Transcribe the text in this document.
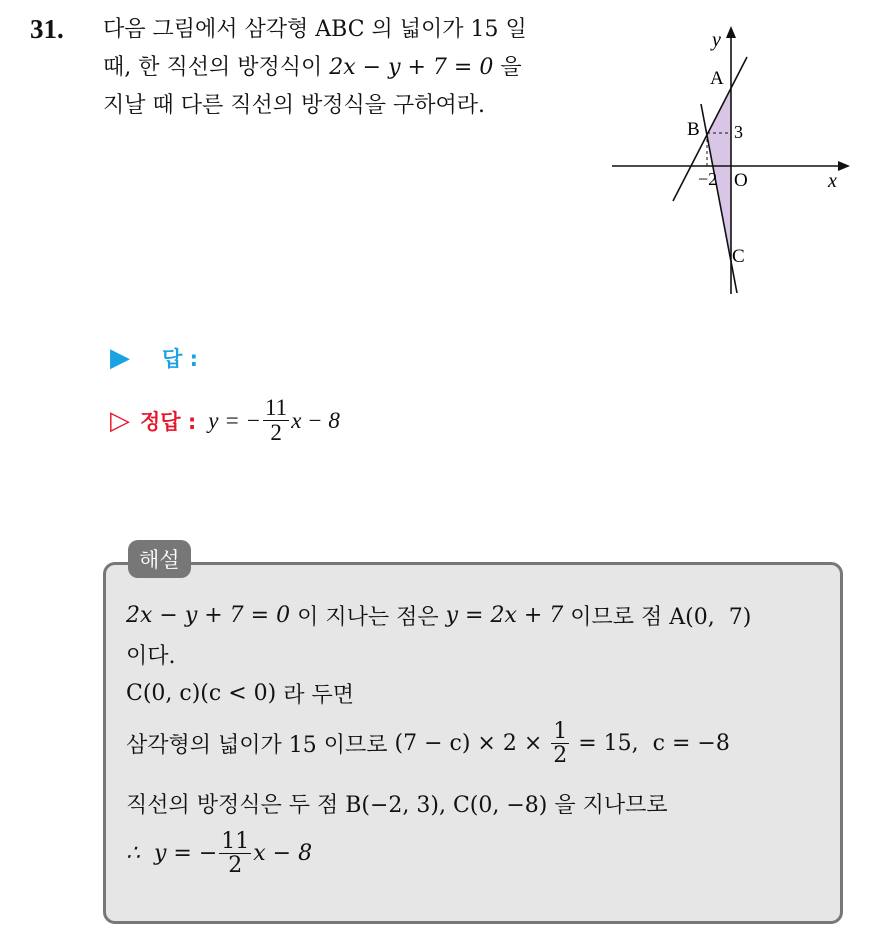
31. 다음 그림에서 삼각형 ABC 의 넓이가 15 일
때, 한 직선의 방정식이 2x − y + 7 = 0 을
지날 때 다른 직선의 방정식을 구하여라.
y
x
A
B
C
O
3
−2
▶ 답 :
▷ 정답 : y = − $\frac{11}{2}$ x − 8
해설
2x − y + 7 = 0 이 지나는 점은 y = 2x + 7 이므로 점 A(0,  7)
이다.
C(0, c)(c < 0) 라 두면
삼각형의 넓이가 15 이므로 $(7 - c) \times 2 \times \frac{1}{2} = 15$,  c = −8
직선의 방정식은 두 점 B(−2, 3), C(0, −8) 을 지나므로
∴  y = − $\frac{11}{2}$ x − 8
